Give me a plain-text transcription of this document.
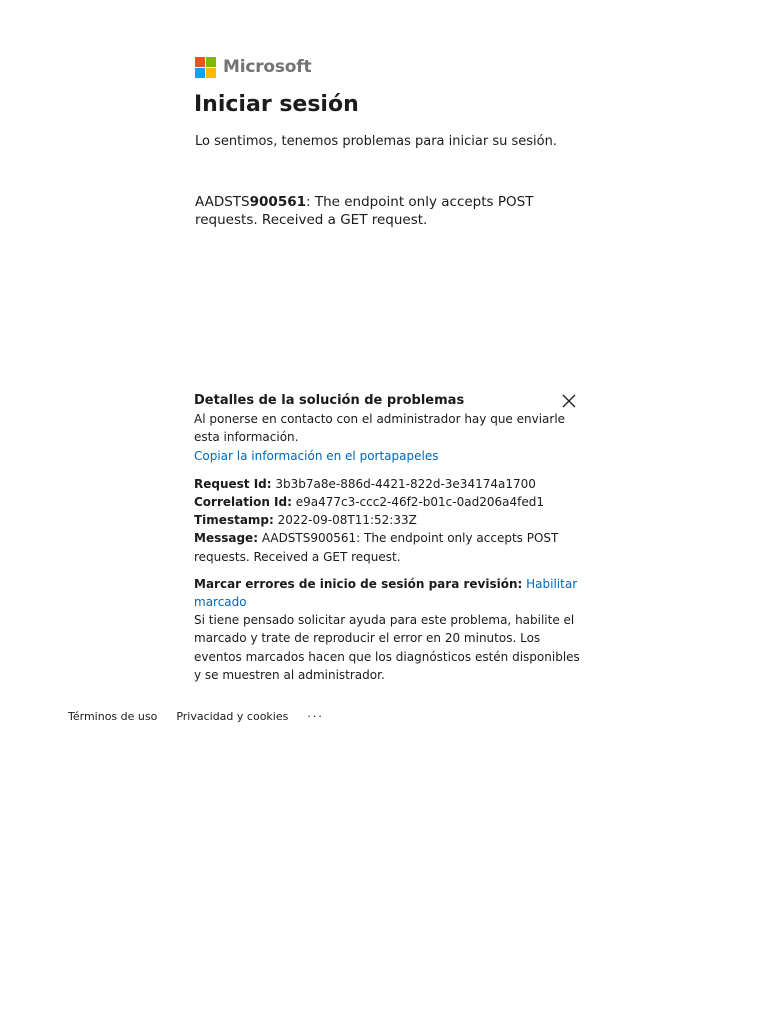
Microsoft
Iniciar sesión
Lo sentimos, tenemos problemas para iniciar su sesión.
AADSTS900561: The endpoint only accepts POST requests. Received a GET request.
Detalles de la solución de problemas
Al ponerse en contacto con el administrador hay que enviarle esta información.
Copiar la información en el portapapeles
Request Id: 3b3b7a8e-886d-4421-822d-3e34174a1700
Correlation Id: e9a477c3-ccc2-46f2-b01c-0ad206a4fed1
Timestamp: 2022-09-08T11:52:33Z
Message: AADSTS900561: The endpoint only accepts POST requests. Received a GET request.
Marcar errores de inicio de sesión para revisión: Habilitar marcado
Si tiene pensado solicitar ayuda para este problema, habilite el marcado y trate de reproducir el error en 20 minutos. Los eventos marcados hacen que los diagnósticos estén disponibles y se muestren al administrador.
Términos de uso Privacidad y cookies ···
